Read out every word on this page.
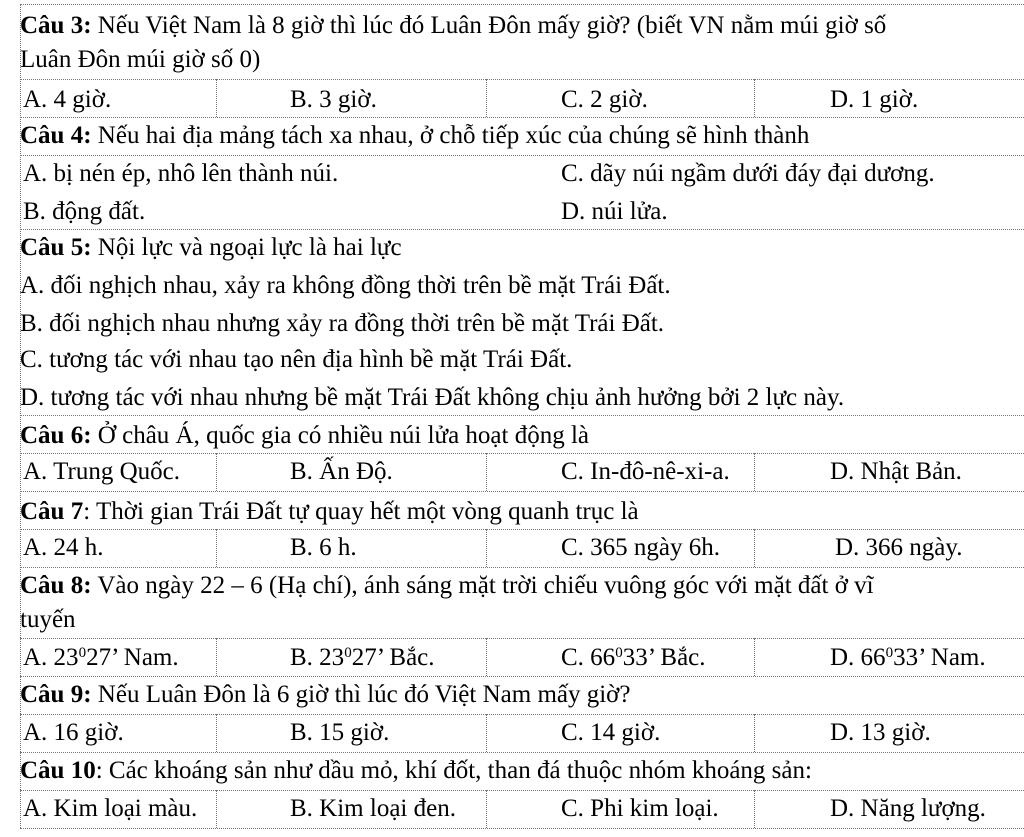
Câu 3: Nếu Việt Nam là 8 giờ thì lúc đó Luân Đôn mấy giờ? (biết VN nằm múi giờ số
Luân Đôn múi giờ số 0)
A. 4 giờ.	B. 3 giờ.	C. 2 giờ.	D. 1 giờ.
Câu 4: Nếu hai địa mảng tách xa nhau, ở chỗ tiếp xúc của chúng sẽ hình thành
A. bị nén ép, nhô lên thành núi.	C. dãy núi ngầm dưới đáy đại dương.
B. động đất.	D. núi lửa.
Câu 5: Nội lực và ngoại lực là hai lực
A. đối nghịch nhau, xảy ra không đồng thời trên bề mặt Trái Đất.
B. đối nghịch nhau nhưng xảy ra đồng thời trên bề mặt Trái Đất.
C. tương tác với nhau tạo nên địa hình bề mặt Trái Đất.
D. tương tác với nhau nhưng bề mặt Trái Đất không chịu ảnh hưởng bởi 2 lực này.
Câu 6: Ở châu Á, quốc gia có nhiều núi lửa hoạt động là
A. Trung Quốc.	B. Ấn Độ.	C. In-đô-nê-xi-a.	D. Nhật Bản.
Câu 7: Thời gian Trái Đất tự quay hết một vòng quanh trục là
A. 24 h.	B. 6 h.	C. 365 ngày 6h.	D. 366 ngày.
Câu 8: Vào ngày 22 – 6 (Hạ chí), ánh sáng mặt trời chiếu vuông góc với mặt đất ở vĩ
tuyến
A. $23^027$’ Nam.	B. $23^027$’ Bắc.	C. $66^033$’ Bắc.	D. $66^033$’ Nam.
Câu 9: Nếu Luân Đôn là 6 giờ thì lúc đó Việt Nam mấy giờ?
A. 16 giờ.	B. 15 giờ.	C. 14 giờ.	D. 13 giờ.
Câu 10: Các khoáng sản như dầu mỏ, khí đốt, than đá thuộc nhóm khoáng sản:
A. Kim loại màu.	B. Kim loại đen.	C. Phi kim loại.	D. Năng lượng.
